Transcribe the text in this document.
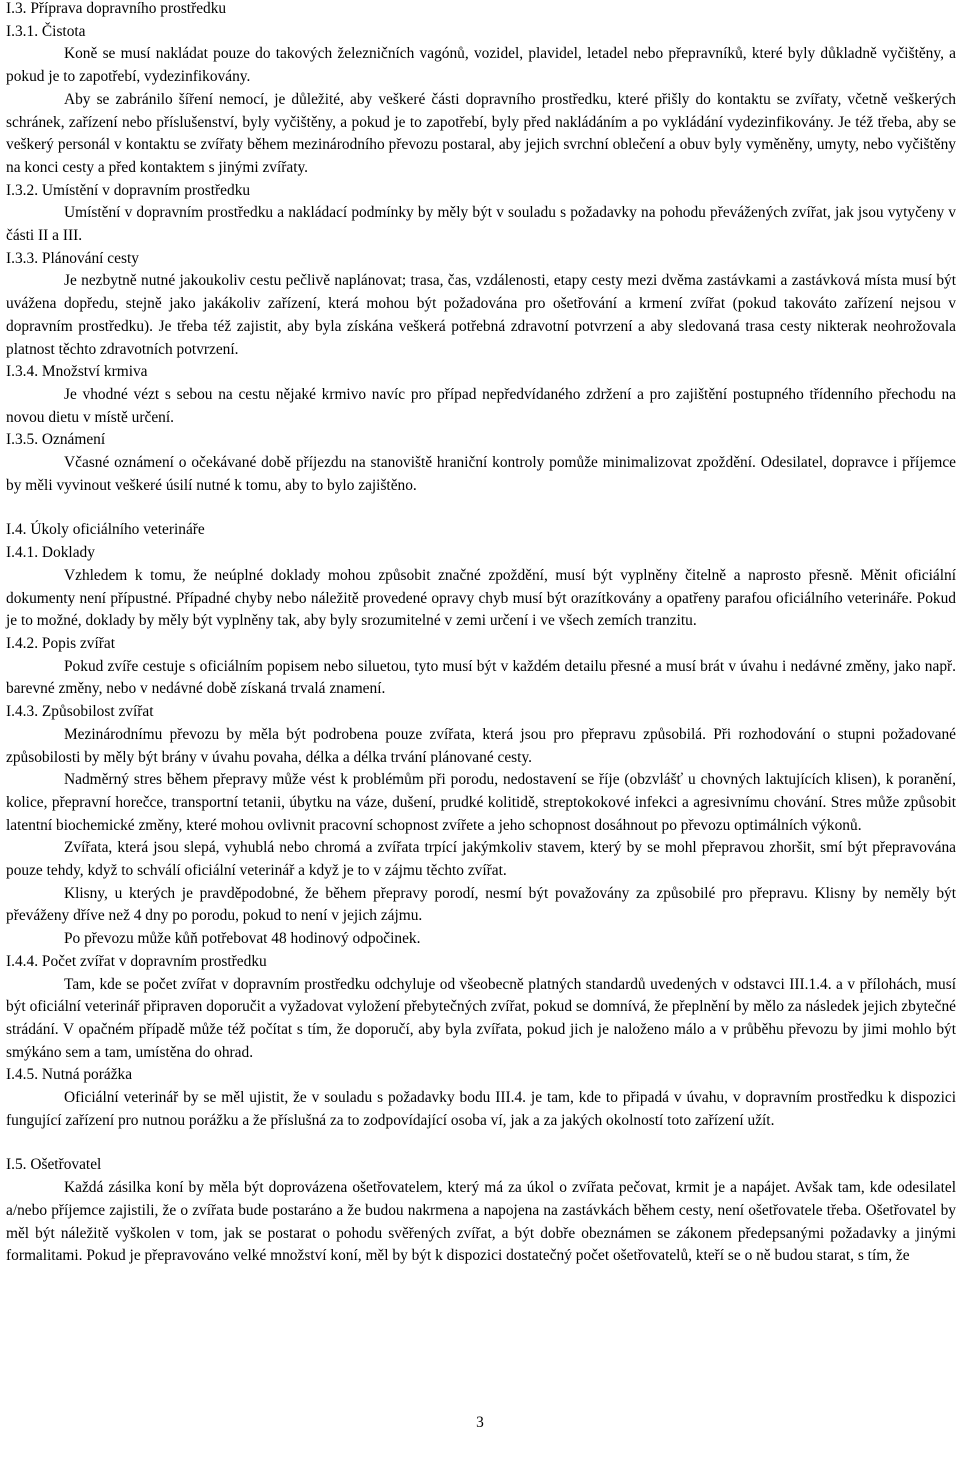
I.3. Příprava dopravního prostředku

I.3.1. Čistota

Koně se musí nakládat pouze do takových železničních vagónů, vozidel, plavidel, letadel nebo přepravníků, které byly důkladně vyčištěny, a pokud je to zapotřebí, vydezinfikovány.

Aby se zabránilo šíření nemocí, je důležité, aby veškeré části dopravního prostředku, které přišly do kontaktu se zvířaty, včetně veškerých schránek, zařízení nebo příslušenství, byly vyčištěny, a pokud je to zapotřebí, byly před nakládáním a po vykládání vydezinfikovány. Je též třeba, aby se veškerý personál v kontaktu se zvířaty během mezinárodního převozu postaral, aby jejich svrchní oblečení a obuv byly vyměněny, umyty, nebo vyčištěny na konci cesty a před kontaktem s jinými zvířaty.

I.3.2. Umístění v dopravním prostředku

Umístění v dopravním prostředku a nakládací podmínky by měly být v souladu s požadavky na pohodu převážených zvířat, jak jsou vytyčeny v části II a III.

I.3.3. Plánování cesty

Je nezbytně nutné jakoukoliv cestu pečlivě naplánovat; trasa, čas, vzdálenosti, etapy cesty mezi dvěma zastávkami a zastávková místa musí být uvážena dopředu, stejně jako jakákoliv zařízení, která mohou být požadována pro ošetřování a krmení zvířat (pokud takováto zařízení nejsou v dopravním prostředku). Je třeba též zajistit, aby byla získána veškerá potřebná zdravotní potvrzení a aby sledovaná trasa cesty nikterak neohrožovala platnost těchto zdravotních potvrzení.

I.3.4. Množství krmiva

Je vhodné vézt s sebou na cestu nějaké krmivo navíc pro případ nepředvídaného zdržení a pro zajištění postupného třídenního přechodu na novou dietu v místě určení.

I.3.5. Oznámení

Včasné oznámení o očekávané době příjezdu na stanoviště hraniční kontroly pomůže minimalizovat zpoždění. Odesilatel, dopravce i příjemce by měli vyvinout veškeré úsilí nutné k tomu, aby to bylo zajištěno.

I.4. Úkoly oficiálního veterináře

I.4.1. Doklady

Vzhledem k tomu, že neúplné doklady mohou způsobit značné zpoždění, musí být vyplněny čitelně a naprosto přesně. Měnit oficiální dokumenty není přípustné. Případné chyby nebo náležitě provedené opravy chyb musí být orazítkovány a opatřeny parafou oficiálního veterináře. Pokud je to možné, doklady by měly být vyplněny tak, aby byly srozumitelné v zemi určení i ve všech zemích tranzitu.

I.4.2. Popis zvířat

Pokud zvíře cestuje s oficiálním popisem nebo siluetou, tyto musí být v každém detailu přesné a musí brát v úvahu i nedávné změny, jako např. barevné změny, nebo v nedávné době získaná trvalá znamení.

I.4.3. Způsobilost zvířat

Mezinárodnímu převozu by měla být podrobena pouze zvířata, která jsou pro přepravu způsobilá. Při rozhodování o stupni požadované způsobilosti by měly být brány v úvahu povaha, délka a délka trvání plánované cesty.

Nadměrný stres během přepravy může vést k problémům při porodu, nedostavení se říje (obzvlášť u chovných laktujících klisen), k poranění, kolice, přepravní horečce, transportní tetanii, úbytku na váze, dušení, prudké kolitidě, streptokokové infekci a agresivnímu chování. Stres může způsobit latentní biochemické změny, které mohou ovlivnit pracovní schopnost zvířete a jeho schopnost dosáhnout po převozu optimálních výkonů.

Zvířata, která jsou slepá, vyhublá nebo chromá a zvířata trpící jakýmkoliv stavem, který by se mohl přepravou zhoršit, smí být přepravována pouze tehdy, když to schválí oficiální veterinář a když je to v zájmu těchto zvířat.

Klisny, u kterých je pravděpodobné, že během přepravy porodí, nesmí být považovány za způsobilé pro přepravu. Klisny by neměly být převáženy dříve než 4 dny po porodu, pokud to není v jejich zájmu.

Po převozu může kůň potřebovat 48 hodinový odpočinek.

I.4.4. Počet zvířat v dopravním prostředku

Tam, kde se počet zvířat v dopravním prostředku odchyluje od všeobecně platných standardů uvedených v odstavci III.1.4. a v přílohách, musí být oficiální veterinář připraven doporučit a vyžadovat vyložení přebytečných zvířat, pokud se domnívá, že přeplnění by mělo za následek jejich zbytečné strádání. V opačném případě může též počítat s tím, že doporučí, aby byla zvířata, pokud jich je naloženo málo a v průběhu převozu by jimi mohlo být smýkáno sem a tam, umístěna do ohrad.

I.4.5. Nutná porážka

Oficiální veterinář by se měl ujistit, že v souladu s požadavky bodu III.4. je tam, kde to připadá v úvahu, v dopravním prostředku k dispozici fungující zařízení pro nutnou porážku a že příslušná za to zodpovídající osoba ví, jak a za jakých okolností toto zařízení užít.

I.5. Ošetřovatel

Každá zásilka koní by měla být doprovázena ošetřovatelem, který má za úkol o zvířata pečovat, krmit je a napájet. Avšak tam, kde odesilatel a/nebo příjemce zajistili, že o zvířata bude postaráno a že budou nakrmena a napojena na zastávkách během cesty, není ošetřovatele třeba. Ošetřovatel by měl být náležitě vyškolen v tom, jak se postarat o pohodu svěřených zvířat, a být dobře obeznámen se zákonem předepsanými požadavky a jinými formalitami. Pokud je přepravováno velké množství koní, měl by být k dispozici dostatečný počet ošetřovatelů, kteří se o ně budou starat, s tím, že

3
